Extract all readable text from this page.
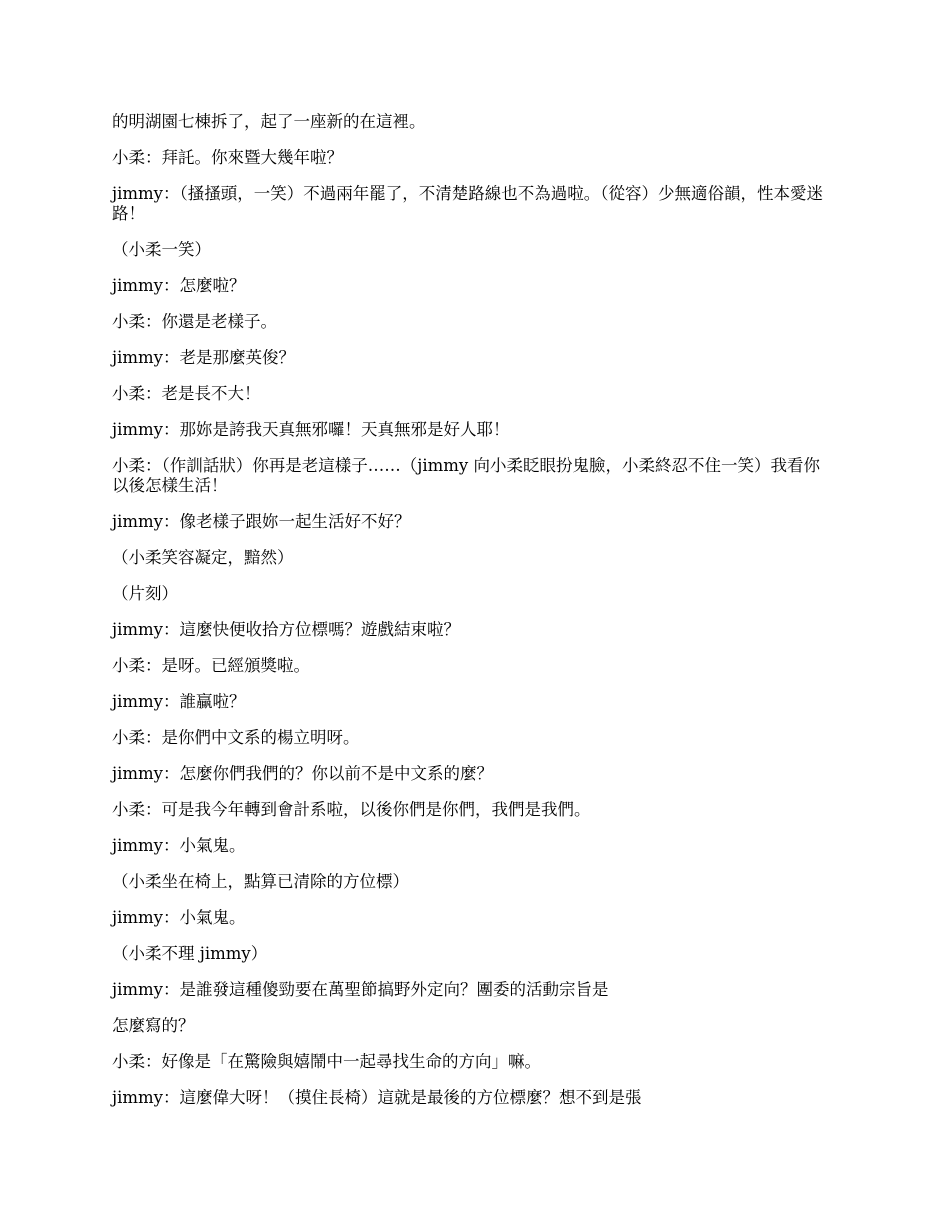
的明湖園七棟拆了，起了一座新的在這裡。

小柔：拜託。你來暨大幾年啦？

jimmy：（搔搔頭，一笑）不過兩年罷了，不清楚路線也不為過啦。（從容）少無適俗韻，性本愛迷路！

（小柔一笑）

jimmy：怎麼啦？

小柔：你還是老樣子。

jimmy：老是那麼英俊？

小柔：老是長不大！

jimmy：那妳是誇我天真無邪囉！天真無邪是好人耶！

小柔：（作訓話狀）你再是老這樣子……（jimmy 向小柔眨眼扮鬼臉，小柔終忍不住一笑）我看你以後怎樣生活！

jimmy：像老樣子跟妳一起生活好不好？

（小柔笑容凝定，黯然）

（片刻）

jimmy：這麼快便收拾方位標嗎？遊戲結束啦？

小柔：是呀。已經頒獎啦。

jimmy：誰贏啦？

小柔：是你們中文系的楊立明呀。

jimmy：怎麼你們我們的？你以前不是中文系的麼？

小柔：可是我今年轉到會計系啦，以後你們是你們，我們是我們。

jimmy：小氣鬼。

（小柔坐在椅上，點算已清除的方位標）

jimmy：小氣鬼。

（小柔不理 jimmy）

jimmy：是誰發這種傻勁要在萬聖節搞野外定向？團委的活動宗旨是

怎麼寫的？

小柔：好像是「在驚險與嬉鬧中一起尋找生命的方向」嘛。

jimmy：這麼偉大呀！（摸住長椅）這就是最後的方位標麼？想不到是張
